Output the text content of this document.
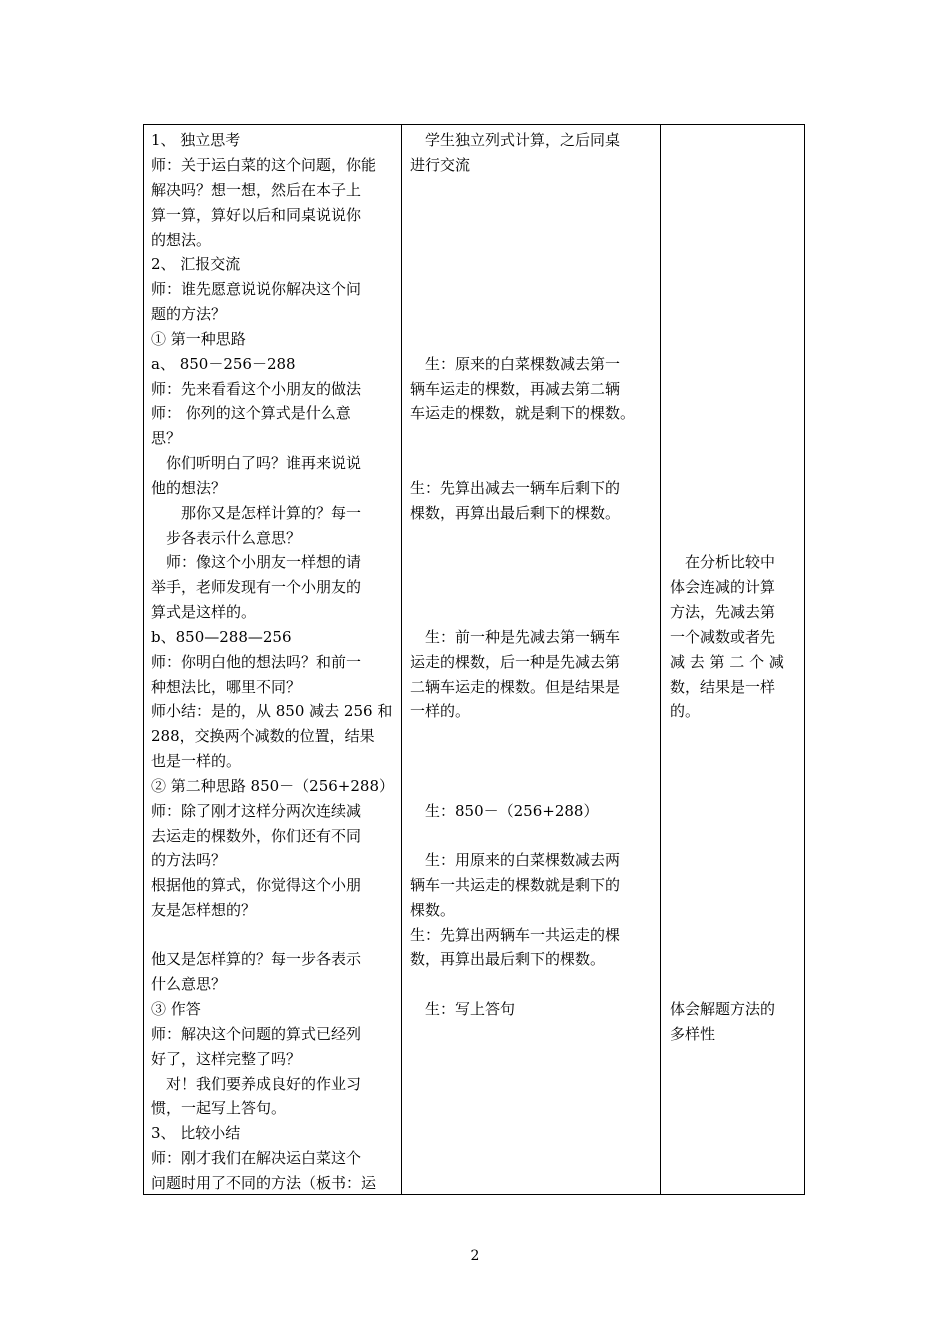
1、 独立思考
师：关于运白菜的这个问题，你能
解决吗？想一想，然后在本子上
算一算，算好以后和同桌说说你
的想法。
2、 汇报交流
师：谁先愿意说说你解决这个问
题的方法？
① 第一种思路
a、 850－256－288
师：先来看看这个小朋友的做法
师： 你列的这个算式是什么意
思？
　你们听明白了吗？谁再来说说
他的想法？
　　那你又是怎样计算的？每一
　步各表示什么意思？
　师：像这个小朋友一样想的请
举手，老师发现有一个小朋友的
算式是这样的。
b、850—288—256
师：你明白他的想法吗？和前一
种想法比，哪里不同？
师小结：是的，从 850 减去 256 和
288，交换两个减数的位置，结果
也是一样的。
② 第二种思路 850－（256+288）
师：除了刚才这样分两次连续减
去运走的棵数外，你们还有不同
的方法吗？
根据他的算式，你觉得这个小朋
友是怎样想的？
他又是怎样算的？每一步各表示
什么意思？
③ 作答
师：解决这个问题的算式已经列
好了，这样完整了吗？
　对！我们要养成良好的作业习
惯，一起写上答句。
3、 比较小结
师：刚才我们在解决运白菜这个
问题时用了不同的方法（板书：运
　学生独立列式计算，之后同桌
进行交流
　生：原来的白菜棵数减去第一
辆车运走的棵数，再减去第二辆
车运走的棵数，就是剩下的棵数。
生：先算出减去一辆车后剩下的
棵数，再算出最后剩下的棵数。
　生：前一种是先减去第一辆车
运走的棵数，后一种是先减去第
二辆车运走的棵数。但是结果是
一样的。
　生：850－（256+288）
　生：用原来的白菜棵数减去两
辆车一共运走的棵数就是剩下的
棵数。
生：先算出两辆车一共运走的棵
数，再算出最后剩下的棵数。
　生：写上答句
　在分析比较中
体会连减的计算
方法，先减去第
一个减数或者先
减 去 第 二 个 减
数，结果是一样
的。
体会解题方法的
多样性
2
